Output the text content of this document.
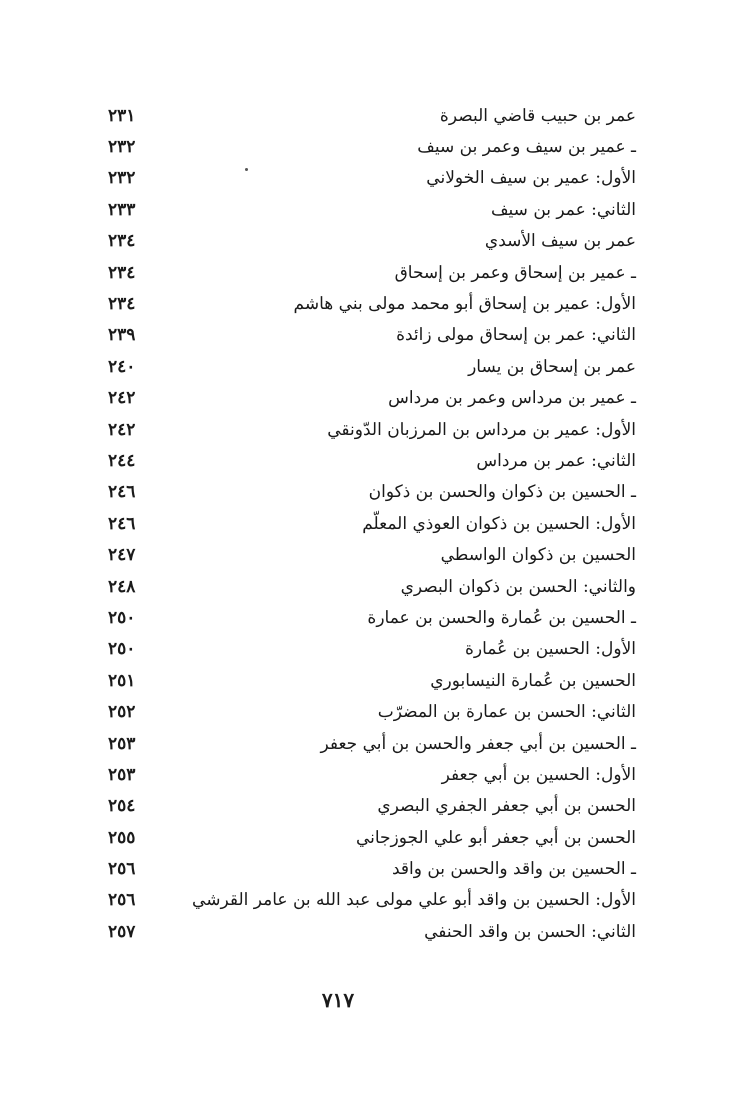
٢٣١	عمر بن حبيب قاضي البصرة
٢٣٢	ـ عمير بن سيف وعمر بن سيف
٢٣٢	الأول: عمير بن سيف الخولاني
٢٣٣	الثاني: عمر بن سيف
٢٣٤	عمر بن سيف الأسدي
٢٣٤	ـ عمير بن إسحاق وعمر بن إسحاق
٢٣٤	الأول: عمير بن إسحاق أبو محمد مولى بني هاشم
٢٣٩	الثاني: عمر بن إسحاق مولى زائدة
٢٤٠	عمر بن إسحاق بن يسار
٢٤٢	ـ عمير بن مرداس وعمر بن مرداس
٢٤٢	الأول: عمير بن مرداس بن المرزبان الدّونقي
٢٤٤	الثاني: عمر بن مرداس
٢٤٦	ـ الحسين بن ذكوان والحسن بن ذكوان
٢٤٦	الأول: الحسين بن ذكوان العوذي المعلّم
٢٤٧	الحسين بن ذكوان الواسطي
٢٤٨	والثاني: الحسن بن ذكوان البصري
٢٥٠	ـ الحسين بن عُمارة والحسن بن عمارة
٢٥٠	الأول: الحسين بن عُمارة
٢٥١	الحسين بن عُمارة النيسابوري
٢٥٢	الثاني: الحسن بن عمارة بن المضرّب
٢٥٣	ـ الحسين بن أبي جعفر والحسن بن أبي جعفر
٢٥٣	الأول: الحسين بن أبي جعفر
٢٥٤	الحسن بن أبي جعفر الجفري البصري
٢٥٥	الحسن بن أبي جعفر أبو علي الجوزجاني
٢٥٦	ـ الحسين بن واقد والحسن بن واقد
٢٥٦	الأول: الحسين بن واقد أبو علي مولى عبد الله بن عامر القرشي
٢٥٧	الثاني: الحسن بن واقد الحنفي
٧١٧
